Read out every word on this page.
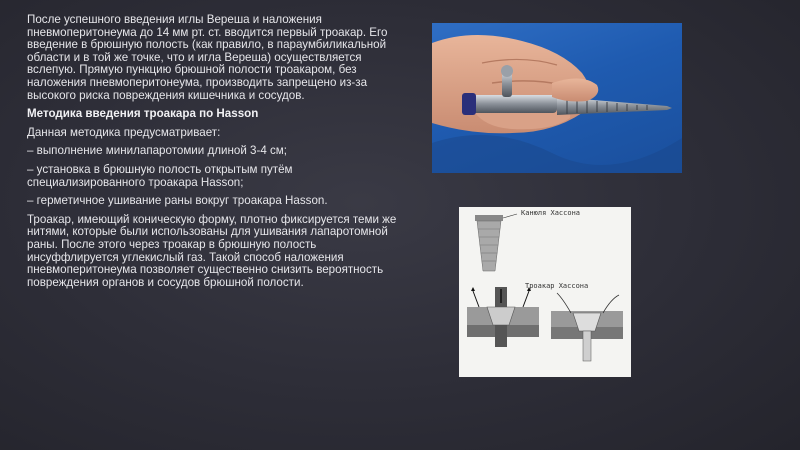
После успешного введения иглы Вереша и наложения пневмоперитонеума до 14 мм рт. ст. вводится первый троакар. Его введение в брюшную полость (как правило, в параумбиликальной области и в той же точке, что и игла Вереша) осуществляется вслепую. Прямую пункцию брюшной полости троакаром, без наложения пневмоперитонеума, производить запрещено из-за высокого риска повреждения кишечника и сосудов.

Методика введения троакара по Hasson

Данная методика предусматривает:

– выполнение минилапаротомии длиной 3-4 см;

– установка в брюшную полость открытым путём специализированного троакара Hasson;

– герметичное ушивание раны вокруг троакара Hasson.

Троакар, имеющий коническую форму, плотно фиксируется теми же нитями, которые были использованы для ушивания лапаротомной раны. После этого через троакар в брюшную полость инсуффлируется углекислый газ. Такой способ наложения пневмоперитонеума позволяет существенно снизить вероятность повреждения органов и сосудов брюшной полости.

Канюля Хассона
Троакар Хассона
